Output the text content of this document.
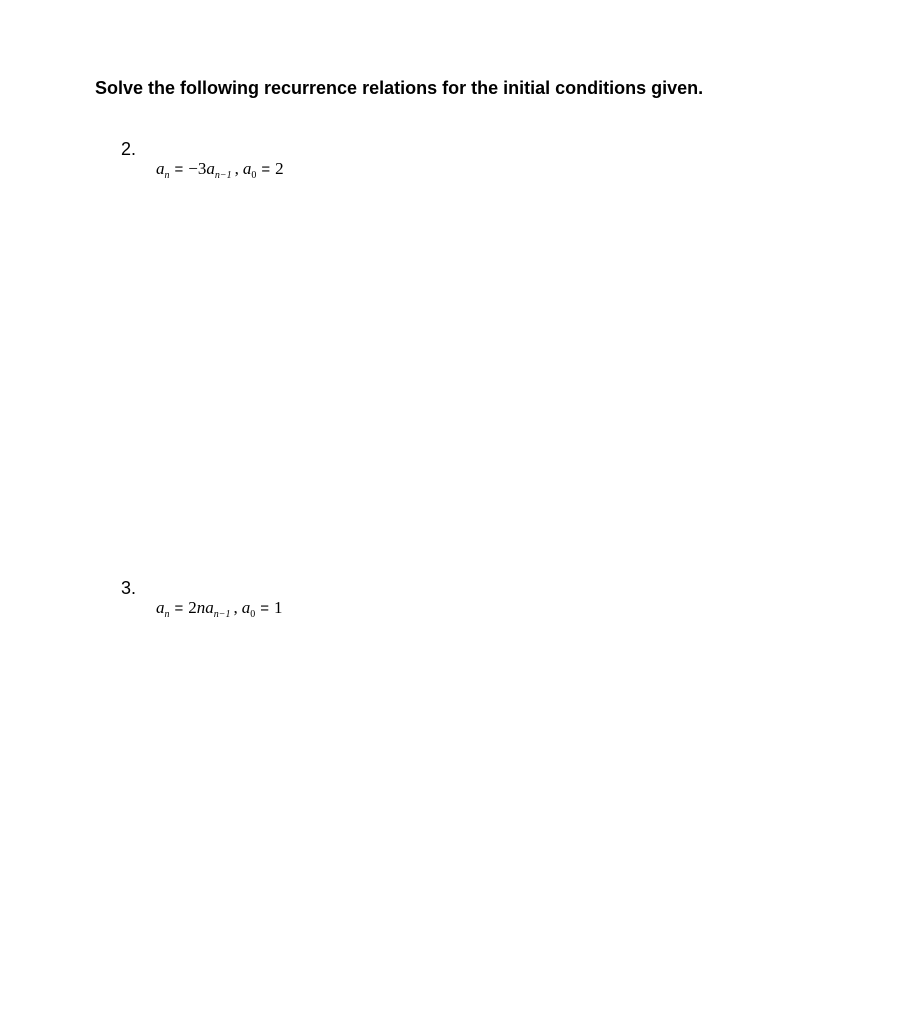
Solve the following recurrence relations for the initial conditions given.
2.
$a_n = -3a_{n-1}$ , $a_0 = 2$
3.
$a_n = 2na_{n-1}$ , $a_0 = 1$
